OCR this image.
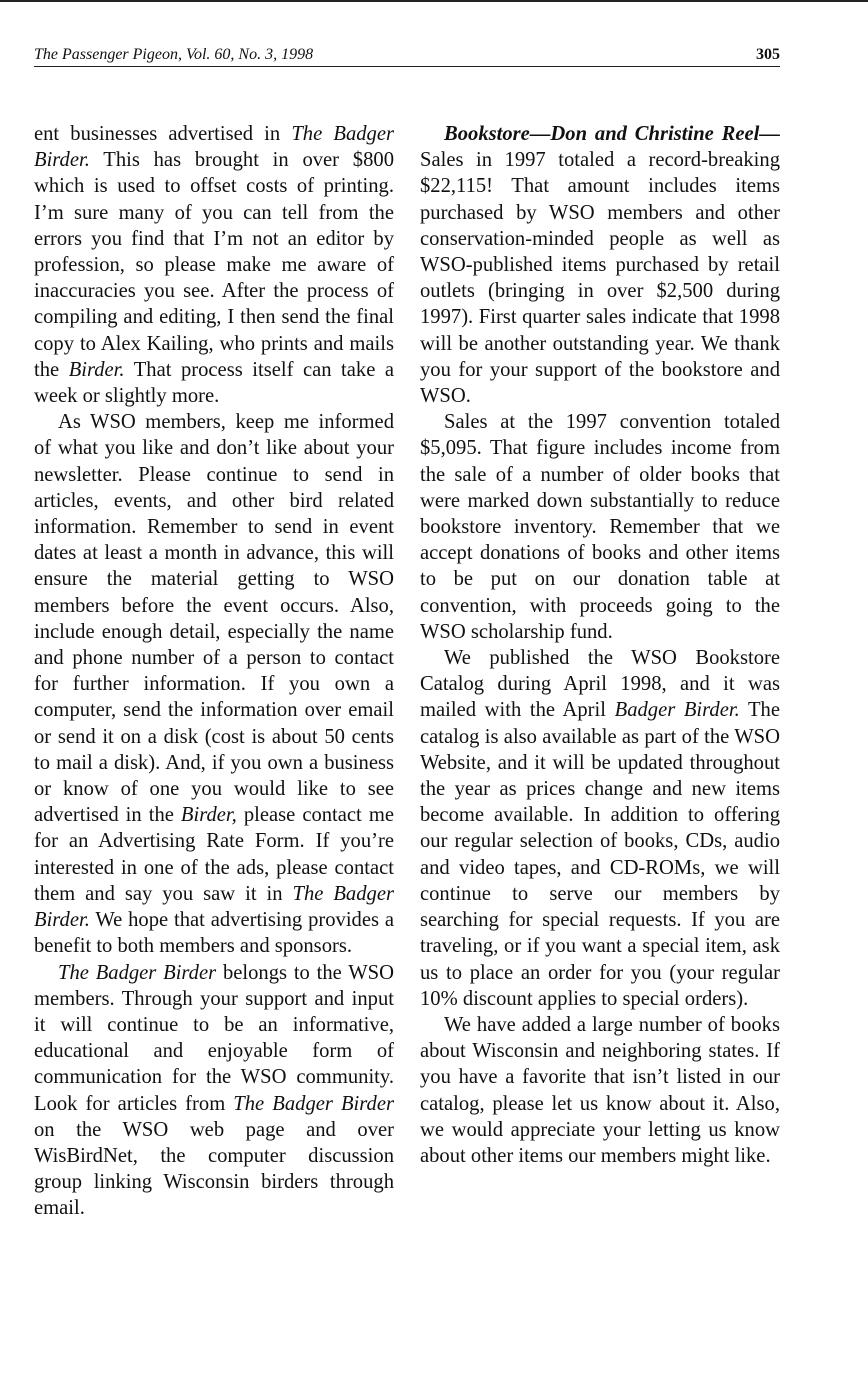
The Passenger Pigeon, Vol. 60, No. 3, 1998	305

ent businesses advertised in The Badger Birder. This has brought in over $800 which is used to offset costs of printing. I’m sure many of you can tell from the errors you find that I’m not an editor by profession, so please make me aware of inaccuracies you see. After the process of compiling and editing, I then send the final copy to Alex Kailing, who prints and mails the Birder. That process itself can take a week or slightly more.

As WSO members, keep me informed of what you like and don’t like about your newsletter. Please continue to send in articles, events, and other bird related information. Remember to send in event dates at least a month in advance, this will ensure the material getting to WSO members before the event occurs. Also, include enough detail, especially the name and phone number of a person to contact for further information. If you own a computer, send the information over email or send it on a disk (cost is about 50 cents to mail a disk). And, if you own a business or know of one you would like to see advertised in the Birder, please contact me for an Advertising Rate Form. If you’re interested in one of the ads, please contact them and say you saw it in The Badger Birder. We hope that advertising provides a benefit to both members and sponsors.

The Badger Birder belongs to the WSO members. Through your support and input it will continue to be an informative, educational and enjoyable form of communication for the WSO community. Look for articles from The Badger Birder on the WSO web page and over WisBirdNet, the computer discussion group linking Wisconsin birders through email.

Bookstore—Don and Christine Reel— Sales in 1997 totaled a record-breaking $22,115! That amount includes items purchased by WSO members and other conservation-minded people as well as WSO-published items purchased by retail outlets (bringing in over $2,500 during 1997). First quarter sales indicate that 1998 will be another outstanding year. We thank you for your support of the bookstore and WSO.

Sales at the 1997 convention totaled $5,095. That figure includes income from the sale of a number of older books that were marked down substantially to reduce bookstore inventory. Remember that we accept donations of books and other items to be put on our donation table at convention, with proceeds going to the WSO scholarship fund.

We published the WSO Bookstore Catalog during April 1998, and it was mailed with the April Badger Birder. The catalog is also available as part of the WSO Website, and it will be updated throughout the year as prices change and new items become available. In addition to offering our regular selection of books, CDs, audio and video tapes, and CD-ROMs, we will continue to serve our members by searching for special requests. If you are traveling, or if you want a special item, ask us to place an order for you (your regular 10% discount applies to special orders).

We have added a large number of books about Wisconsin and neighboring states. If you have a favorite that isn’t listed in our catalog, please let us know about it. Also, we would appreciate your letting us know about other items our members might like.
